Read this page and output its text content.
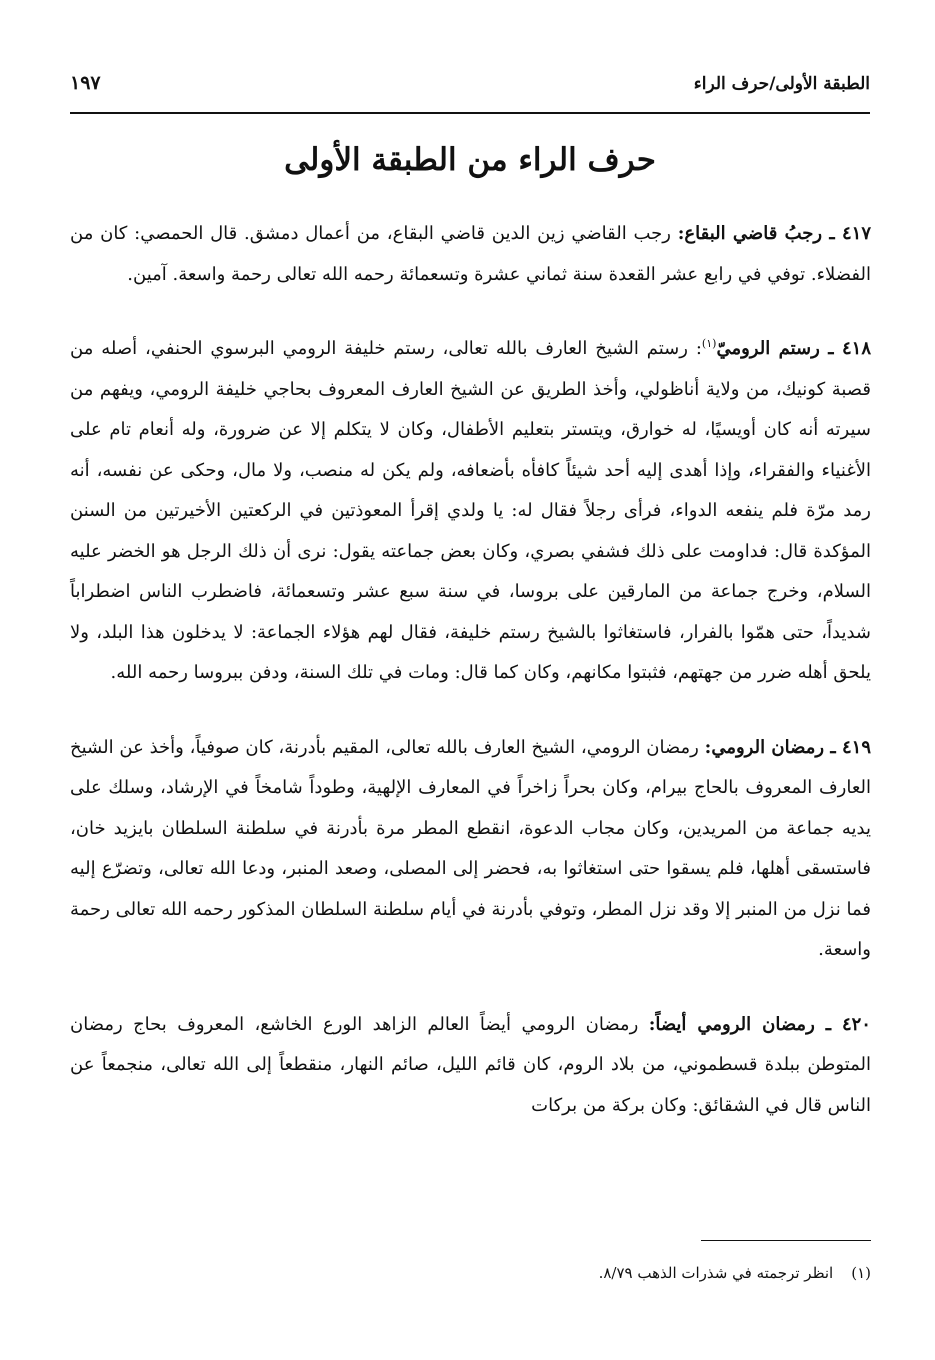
الطبقة الأولى/حرف الراء
١٩٧
حرف الراء من الطبقة الأولى

٤١٧ ـ رجبُ قاضي البقاع: رجب القاضي زين الدين قاضي البقاع، من أعمال دمشق. قال الحمصي: كان من الفضلاء. توفي في رابع عشر القعدة سنة ثماني عشرة وتسعمائة رحمه الله تعالى رحمة واسعة. آمين.

٤١٨ ـ رستم الروميّ$^{(١)}$: رستم الشيخ العارف بالله تعالى، رستم خليفة الرومي البرسوي الحنفي، أصله من قصبة كونيك، من ولاية أناظولي، وأخذ الطريق عن الشيخ العارف المعروف بحاجي خليفة الرومي، ويفهم من سيرته أنه كان أويسيًا، له خوارق، ويتستر بتعليم الأطفال، وكان لا يتكلم إلا عن ضرورة، وله أنعام تام على الأغنياء والفقراء، وإذا أهدى إليه أحد شيئاً كافأه بأضعافه، ولم يكن له منصب، ولا مال، وحكى عن نفسه، أنه رمد مرّة فلم ينفعه الدواء، فرأى رجلاً فقال له: يا ولدي إقرأ المعوذتين في الركعتين الأخيرتين من السنن المؤكدة قال: فداومت على ذلك فشفي بصري، وكان بعض جماعته يقول: نرى أن ذلك الرجل هو الخضر عليه السلام، وخرج جماعة من المارقين على بروسا، في سنة سبع عشر وتسعمائة، فاضطرب الناس اضطراباً شديداً، حتى همّوا بالفرار، فاستغاثوا بالشيخ رستم خليفة، فقال لهم هؤلاء الجماعة: لا يدخلون هذا البلد، ولا يلحق أهله ضرر من جهتهم، فثبتوا مكانهم، وكان كما قال: ومات في تلك السنة، ودفن ببروسا رحمه الله.

٤١٩ ـ رمضان الرومي: رمضان الرومي، الشيخ العارف بالله تعالى، المقيم بأدرنة، كان صوفياً، وأخذ عن الشيخ العارف المعروف بالحاج بيرام، وكان بحراً زاخراً في المعارف الإلهية، وطوداً شامخاً في الإرشاد، وسلك على يديه جماعة من المريدين، وكان مجاب الدعوة، انقطع المطر مرة بأدرنة في سلطنة السلطان بايزيد خان، فاستسقى أهلها، فلم يسقوا حتى استغاثوا به، فحضر إلى المصلى، وصعد المنبر، ودعا الله تعالى، وتضرّع إليه فما نزل من المنبر إلا وقد نزل المطر، وتوفي بأدرنة في أيام سلطنة السلطان المذكور رحمه الله تعالى رحمة واسعة.

٤٢٠ ـ رمضان الرومي أيضاً: رمضان الرومي أيضاً العالم الزاهد الورع الخاشع، المعروف بحاج رمضان المتوطن ببلدة قسطموني، من بلاد الروم، كان قائم الليل، صائم النهار، منقطعاً إلى الله تعالى، منجمعاً عن الناس قال في الشقائق: وكان بركة من بركات

(١)انظر ترجمته في شذرات الذهب ٨/٧٩.
